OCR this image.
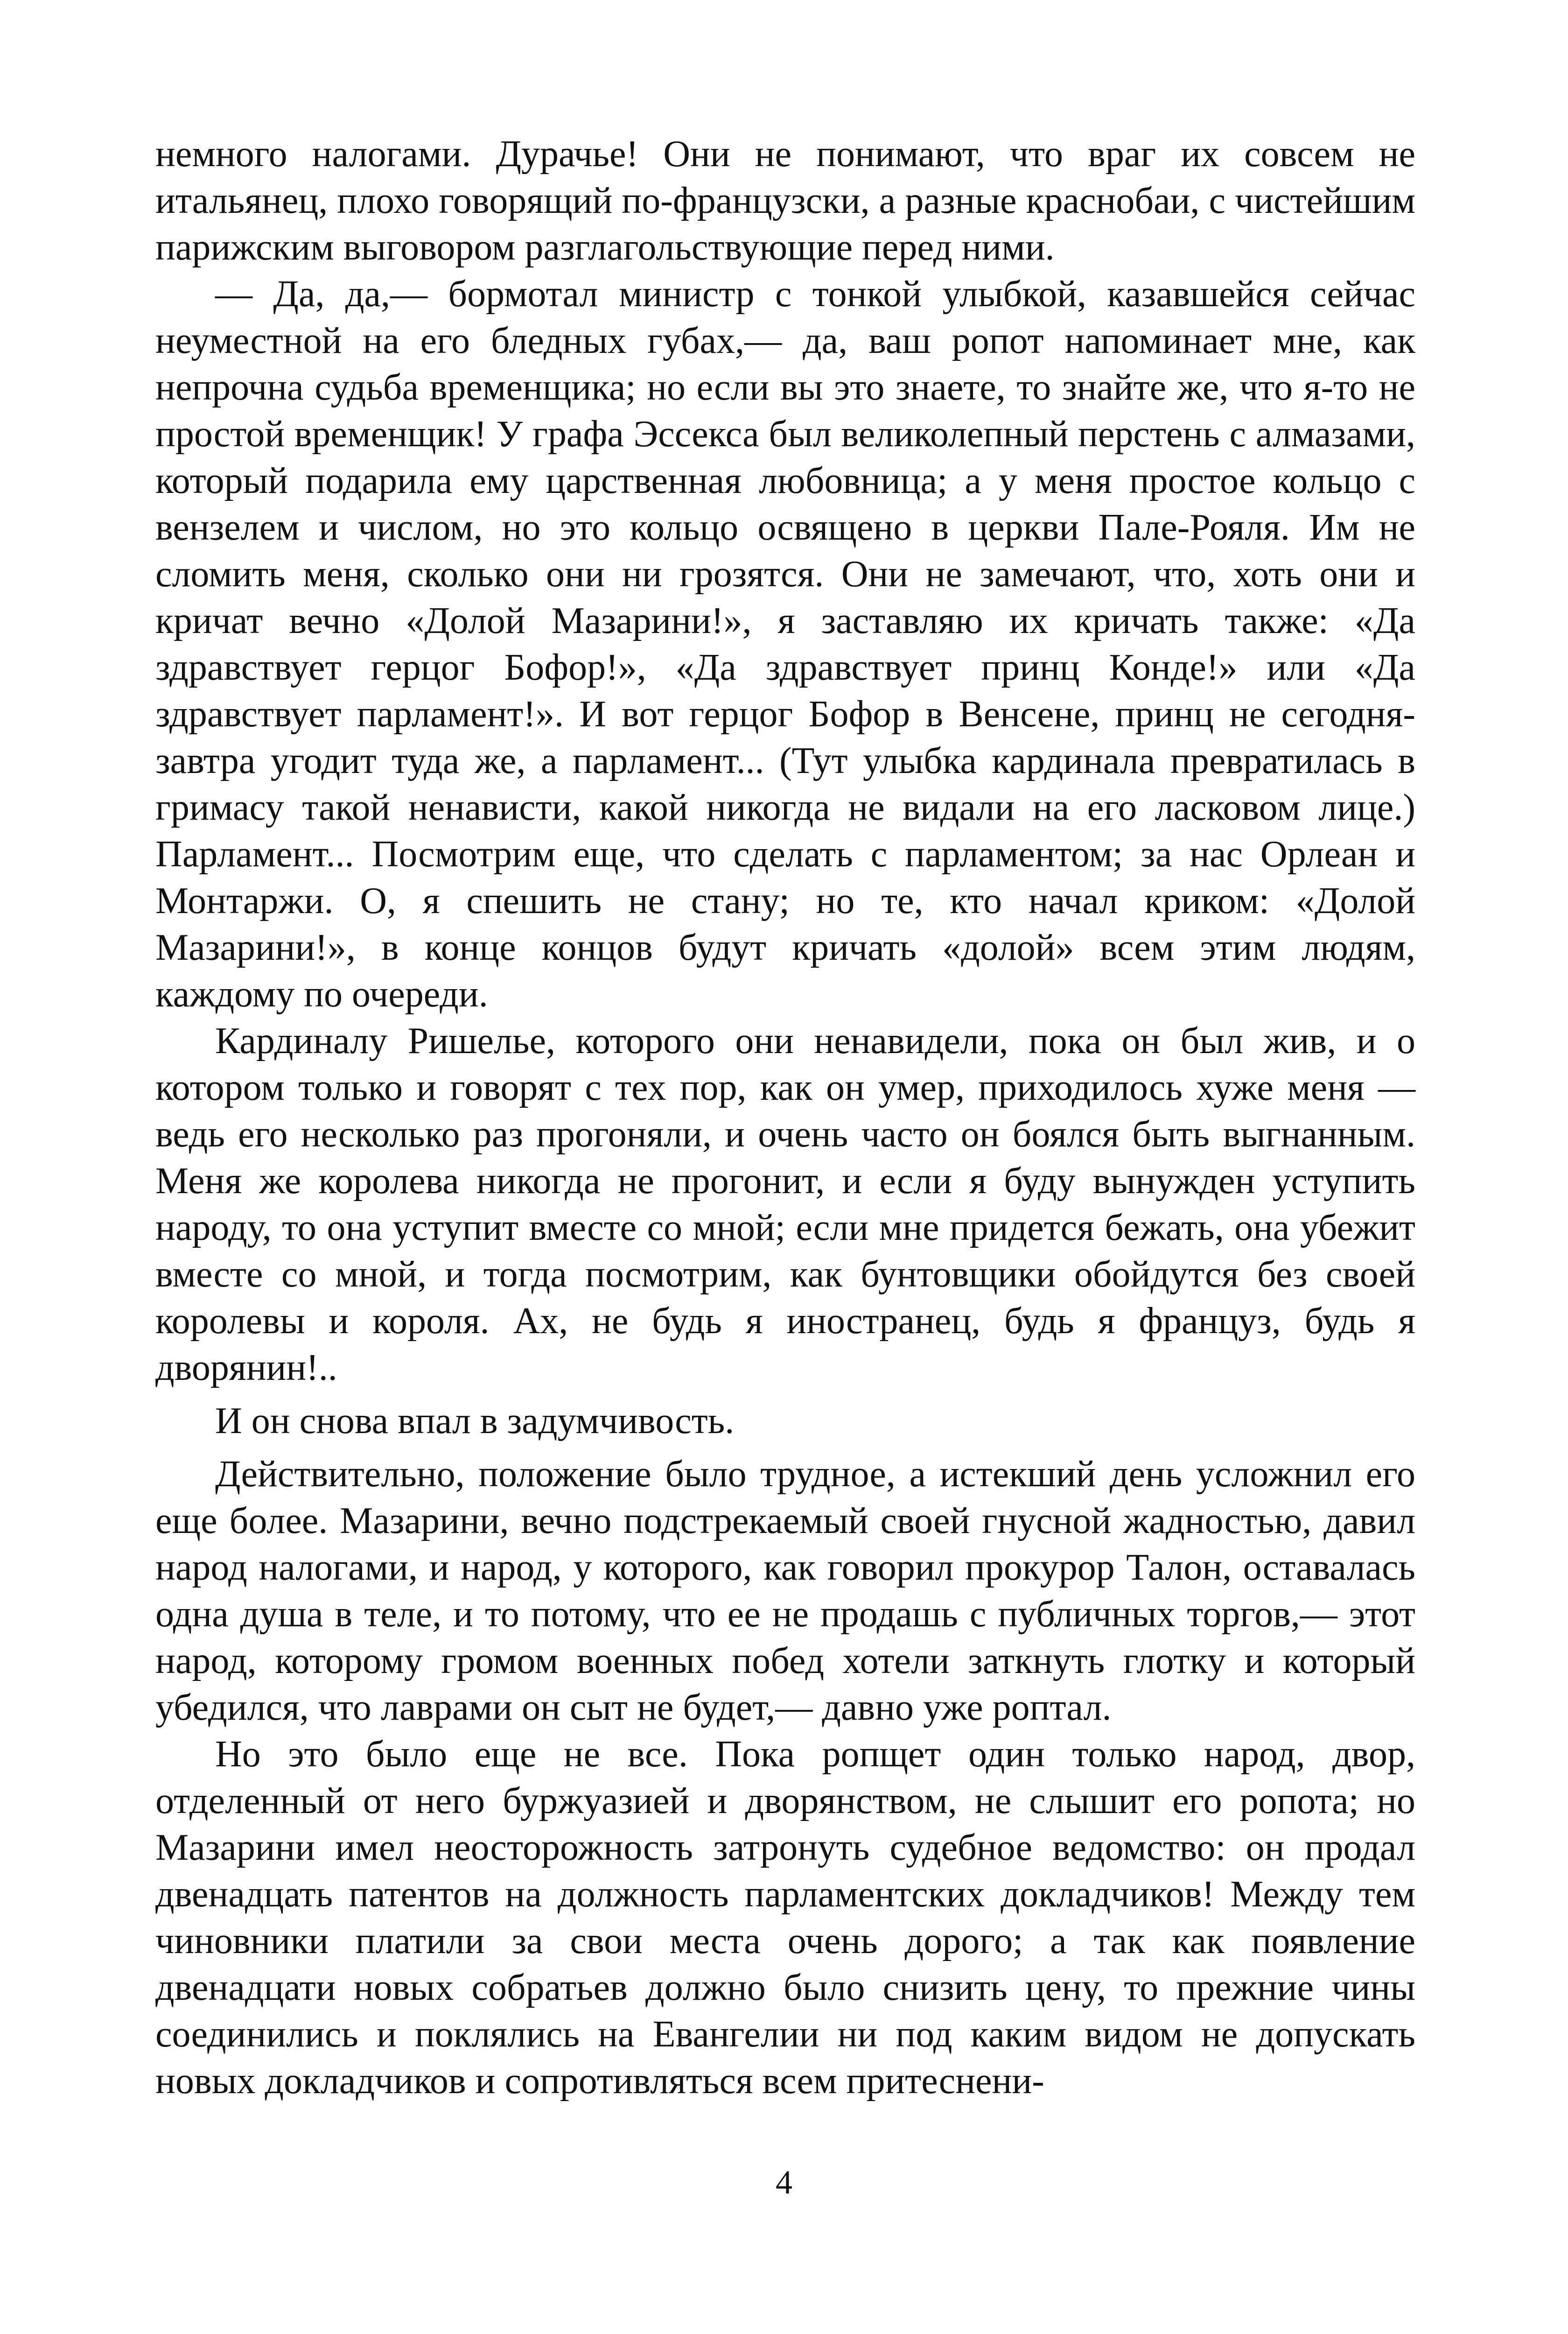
немного налогами. Дурачье! Они не понимают, что враг их совсем не итальянец, плохо говорящий по-французски, а разные краснобаи, с чистейшим парижским выговором разглагольствующие перед ними.

— Да, да,— бормотал министр с тонкой улыбкой, казавшейся сейчас неуместной на его бледных губах,— да, ваш ропот напоминает мне, как непрочна судьба временщика; но если вы это знаете, то знайте же, что я-то не простой временщик! У графа Эссекса был великолепный перстень с алмазами, который подарила ему царственная любовница; а у меня простое кольцо с вензелем и числом, но это кольцо освящено в церкви Пале-Рояля. Им не сломить меня, сколько они ни грозятся. Они не замечают, что, хоть они и кричат вечно «Долой Мазарини!», я заставляю их кричать также: «Да здравствует герцог Бофор!», «Да здравствует принц Конде!» или «Да здравствует парламент!». И вот герцог Бофор в Венсене, принц не сегодня-завтра угодит туда же, а парламент... (Тут улыбка кардинала превратилась в гримасу такой ненависти, какой никогда не видали на его ласковом лице.) Парламент... Посмотрим еще, что сделать с парламентом; за нас Орлеан и Монтаржи. О, я спешить не стану; но те, кто начал криком: «Долой Мазарини!», в конце концов будут кричать «долой» всем этим людям, каждому по очереди.

Кардиналу Ришелье, которого они ненавидели, пока он был жив, и о котором только и говорят с тех пор, как он умер, приходилось хуже меня —ведь его несколько раз прогоняли, и очень часто он боялся быть выгнанным. Меня же королева никогда не прогонит, и если я буду вынужден уступить народу, то она уступит вместе со мной; если мне придется бежать, она убежит вместе со мной, и тогда посмотрим, как бунтовщики обойдутся без своей королевы и короля. Ах, не будь я иностранец, будь я француз, будь я дворянин!..

И он снова впал в задумчивость.

Действительно, положение было трудное, а истекший день усложнил его еще более. Мазарини, вечно подстрекаемый своей гнусной жадностью, давил народ налогами, и народ, у которого, как говорил прокурор Талон, оставалась одна душа в теле, и то потому, что ее не продашь с публичных торгов,— этот народ, которому громом военных побед хотели заткнуть глотку и который убедился, что лаврами он сыт не будет,— давно уже роптал.

Но это было еще не все. Пока ропщет один только народ, двор, отделенный от него буржуазией и дворянством, не слышит его ропота; но Мазарини имел неосторожность затронуть судебное ведомство: он продал двенадцать патентов на должность парламентских докладчиков! Между тем чиновники платили за свои места очень дорого; а так как появление двенадцати новых собратьев должно было снизить цену, то прежние чины соединились и поклялись на Евангелии ни под каким видом не допускать новых докладчиков и сопротивляться всем притеснени-

4
